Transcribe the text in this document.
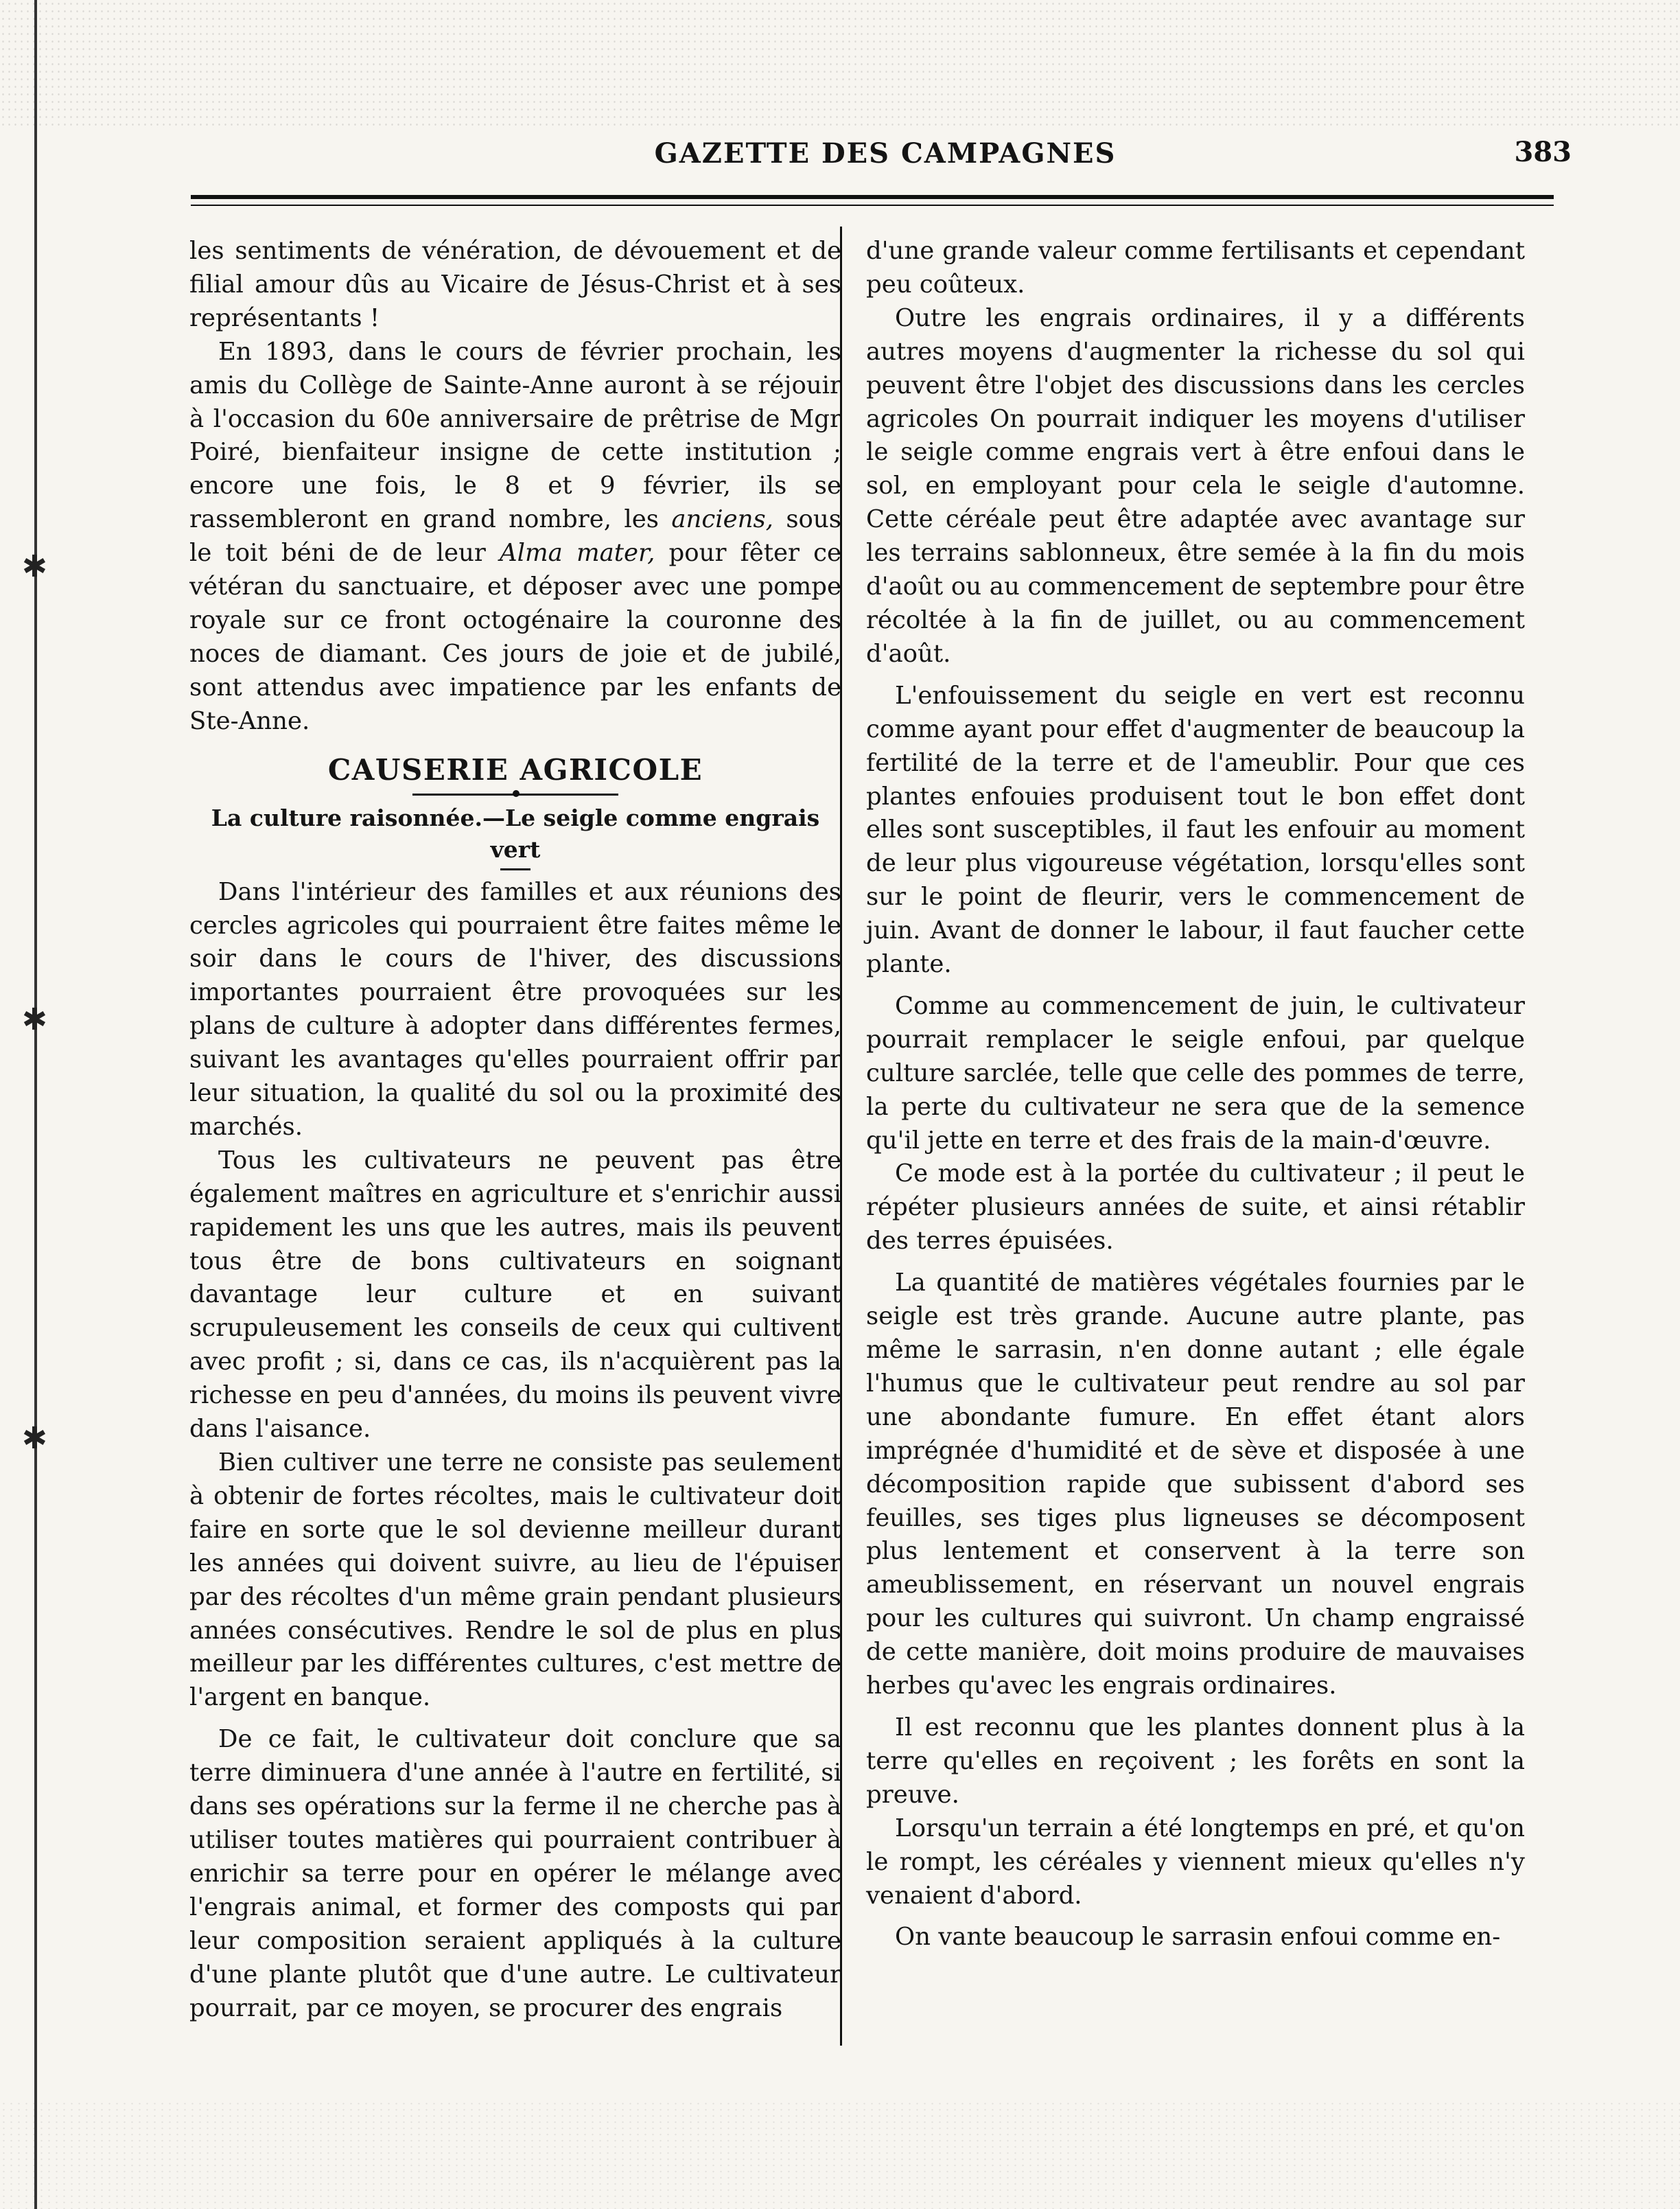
✱
✱
✱
GAZETTE DES CAMPAGNES	383

les sentiments de vénération, de dévouement et de filial amour dûs au Vicaire de Jésus-Christ et à ses représentants !

En 1893, dans le cours de février prochain, les amis du Collège de Sainte-Anne auront à se réjouir à l'occasion du 60e anniversaire de prêtrise de Mgr Poiré, bienfaiteur insigne de cette institution ; encore une fois, le 8 et 9 février, ils se rassembleront en grand nombre, les anciens, sous le toit béni de de leur Alma mater, pour fêter ce vétéran du sanctuaire, et déposer avec une pompe royale sur ce front octogénaire la couronne des noces de diamant. Ces jours de joie et de jubilé, sont attendus avec impatience par les enfants de Ste-Anne.

CAUSERIE AGRICOLE
La culture raisonnée.—Le seigle comme engrais vert

Dans l'intérieur des familles et aux réunions des cercles agricoles qui pourraient être faites même le soir dans le cours de l'hiver, des discussions importantes pourraient être provoquées sur les plans de culture à adopter dans différentes fermes, suivant les avantages qu'elles pourraient offrir par leur situation, la qualité du sol ou la proximité des marchés.

Tous les cultivateurs ne peuvent pas être également maîtres en agriculture et s'enrichir aussi rapidement les uns que les autres, mais ils peuvent tous être de bons cultivateurs en soignant davantage leur culture et en suivant scrupuleusement les conseils de ceux qui cultivent avec profit ; si, dans ce cas, ils n'acquièrent pas la richesse en peu d'années, du moins ils peuvent vivre dans l'aisance.

Bien cultiver une terre ne consiste pas seulement à obtenir de fortes récoltes, mais le cultivateur doit faire en sorte que le sol devienne meilleur durant les années qui doivent suivre, au lieu de l'épuiser par des récoltes d'un même grain pendant plusieurs années consécutives. Rendre le sol de plus en plus meilleur par les différentes cultures, c'est mettre de l'argent en banque.

De ce fait, le cultivateur doit conclure que sa terre diminuera d'une année à l'autre en fertilité, si dans ses opérations sur la ferme il ne cherche pas à utiliser toutes matières qui pourraient contribuer à enrichir sa terre pour en opérer le mélange avec l'engrais animal, et former des composts qui par leur composition seraient appliqués à la culture d'une plante plutôt que d'une autre. Le cultivateur pourrait, par ce moyen, se procurer des engrais

d'une grande valeur comme fertilisants et cependant peu coûteux.

Outre les engrais ordinaires, il y a différents autres moyens d'augmenter la richesse du sol qui peuvent être l'objet des discussions dans les cercles agricoles On pourrait indiquer les moyens d'utiliser le seigle comme engrais vert à être enfoui dans le sol, en employant pour cela le seigle d'automne. Cette céréale peut être adaptée avec avantage sur les terrains sablonneux, être semée à la fin du mois d'août ou au commencement de septembre pour être récoltée à la fin de juillet, ou au commencement d'août.

L'enfouissement du seigle en vert est reconnu comme ayant pour effet d'augmenter de beaucoup la fertilité de la terre et de l'ameublir. Pour que ces plantes enfouies produisent tout le bon effet dont elles sont susceptibles, il faut les enfouir au moment de leur plus vigoureuse végétation, lorsqu'elles sont sur le point de fleurir, vers le commencement de juin. Avant de donner le labour, il faut faucher cette plante.

Comme au commencement de juin, le cultivateur pourrait remplacer le seigle enfoui, par quelque culture sarclée, telle que celle des pommes de terre, la perte du cultivateur ne sera que de la semence qu'il jette en terre et des frais de la main-d'œuvre.

Ce mode est à la portée du cultivateur ; il peut le répéter plusieurs années de suite, et ainsi rétablir des terres épuisées.

La quantité de matières végétales fournies par le seigle est très grande. Aucune autre plante, pas même le sarrasin, n'en donne autant ; elle égale l'humus que le cultivateur peut rendre au sol par une abondante fumure. En effet étant alors imprégnée d'humidité et de sève et disposée à une décomposition rapide que subissent d'abord ses feuilles, ses tiges plus ligneuses se décomposent plus lentement et conservent à la terre son ameublissement, en réservant un nouvel engrais pour les cultures qui suivront. Un champ engraissé de cette manière, doit moins produire de mauvaises herbes qu'avec les engrais ordinaires.

Il est reconnu que les plantes donnent plus à la terre qu'elles en reçoivent ; les forêts en sont la preuve.

Lorsqu'un terrain a été longtemps en pré, et qu'on le rompt, les céréales y viennent mieux qu'elles n'y venaient d'abord.

On vante beaucoup le sarrasin enfoui comme en-
